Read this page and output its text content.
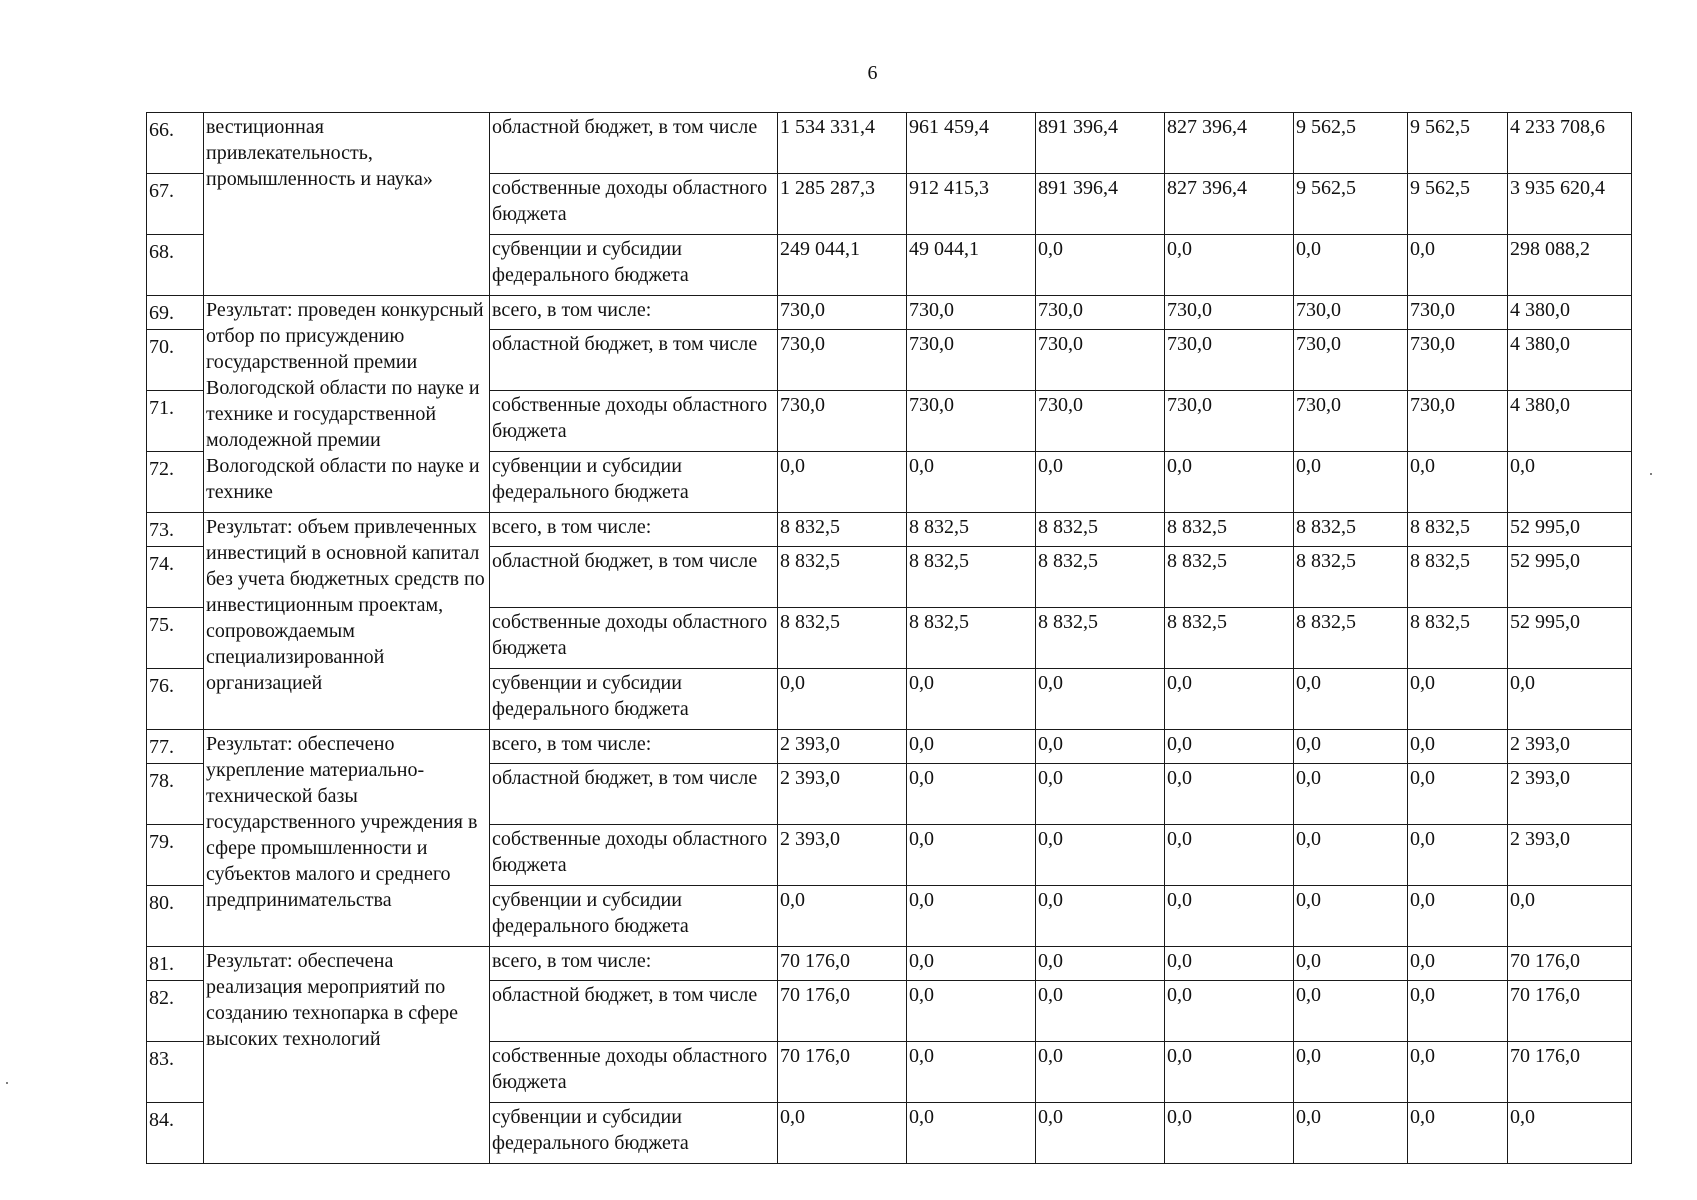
6
66.	вестиционная привлекательность, промышленность и наука»	областной бюджет, в том числе	1 534 331,4	961 459,4	891 396,4	827 396,4	9 562,5	9 562,5	4 233 708,6
67.		собственные доходы областного бюджета	1 285 287,3	912 415,3	891 396,4	827 396,4	9 562,5	9 562,5	3 935 620,4
68.		субвенции и субсидии федерального бюджета	249 044,1	49 044,1	0,0	0,0	0,0	0,0	298 088,2
69.	Результат: проведен конкурсный отбор по присуждению государственной премии Вологодской области по науке и технике и государственной молодежной премии Вологодской области по науке и технике	всего, в том числе:	730,0	730,0	730,0	730,0	730,0	730,0	4 380,0
70.		областной бюджет, в том числе	730,0	730,0	730,0	730,0	730,0	730,0	4 380,0
71.		собственные доходы областного бюджета	730,0	730,0	730,0	730,0	730,0	730,0	4 380,0
72.		субвенции и субсидии федерального бюджета	0,0	0,0	0,0	0,0	0,0	0,0	0,0
73.	Результат: объем привлеченных инвестиций в основной капитал без учета бюджетных средств по инвестиционным проектам, сопровождаемым специализированной организацией	всего, в том числе:	8 832,5	8 832,5	8 832,5	8 832,5	8 832,5	8 832,5	52 995,0
74.		областной бюджет, в том числе	8 832,5	8 832,5	8 832,5	8 832,5	8 832,5	8 832,5	52 995,0
75.		собственные доходы областного бюджета	8 832,5	8 832,5	8 832,5	8 832,5	8 832,5	8 832,5	52 995,0
76.		субвенции и субсидии федерального бюджета	0,0	0,0	0,0	0,0	0,0	0,0	0,0
77.	Результат: обеспечено укрепление материально-технической базы государственного учреждения в сфере промышленности и субъектов малого и среднего предпринимательства	всего, в том числе:	2 393,0	0,0	0,0	0,0	0,0	0,0	2 393,0
78.		областной бюджет, в том числе	2 393,0	0,0	0,0	0,0	0,0	0,0	2 393,0
79.		собственные доходы областного бюджета	2 393,0	0,0	0,0	0,0	0,0	0,0	2 393,0
80.		субвенции и субсидии федерального бюджета	0,0	0,0	0,0	0,0	0,0	0,0	0,0
81.	Результат: обеспечена реализация мероприятий по созданию технопарка в сфере высоких технологий	всего, в том числе:	70 176,0	0,0	0,0	0,0	0,0	0,0	70 176,0
82.		областной бюджет, в том числе	70 176,0	0,0	0,0	0,0	0,0	0,0	70 176,0
83.		собственные доходы областного бюджета	70 176,0	0,0	0,0	0,0	0,0	0,0	70 176,0
84.		субвенции и субсидии федерального бюджета	0,0	0,0	0,0	0,0	0,0	0,0	0,0
